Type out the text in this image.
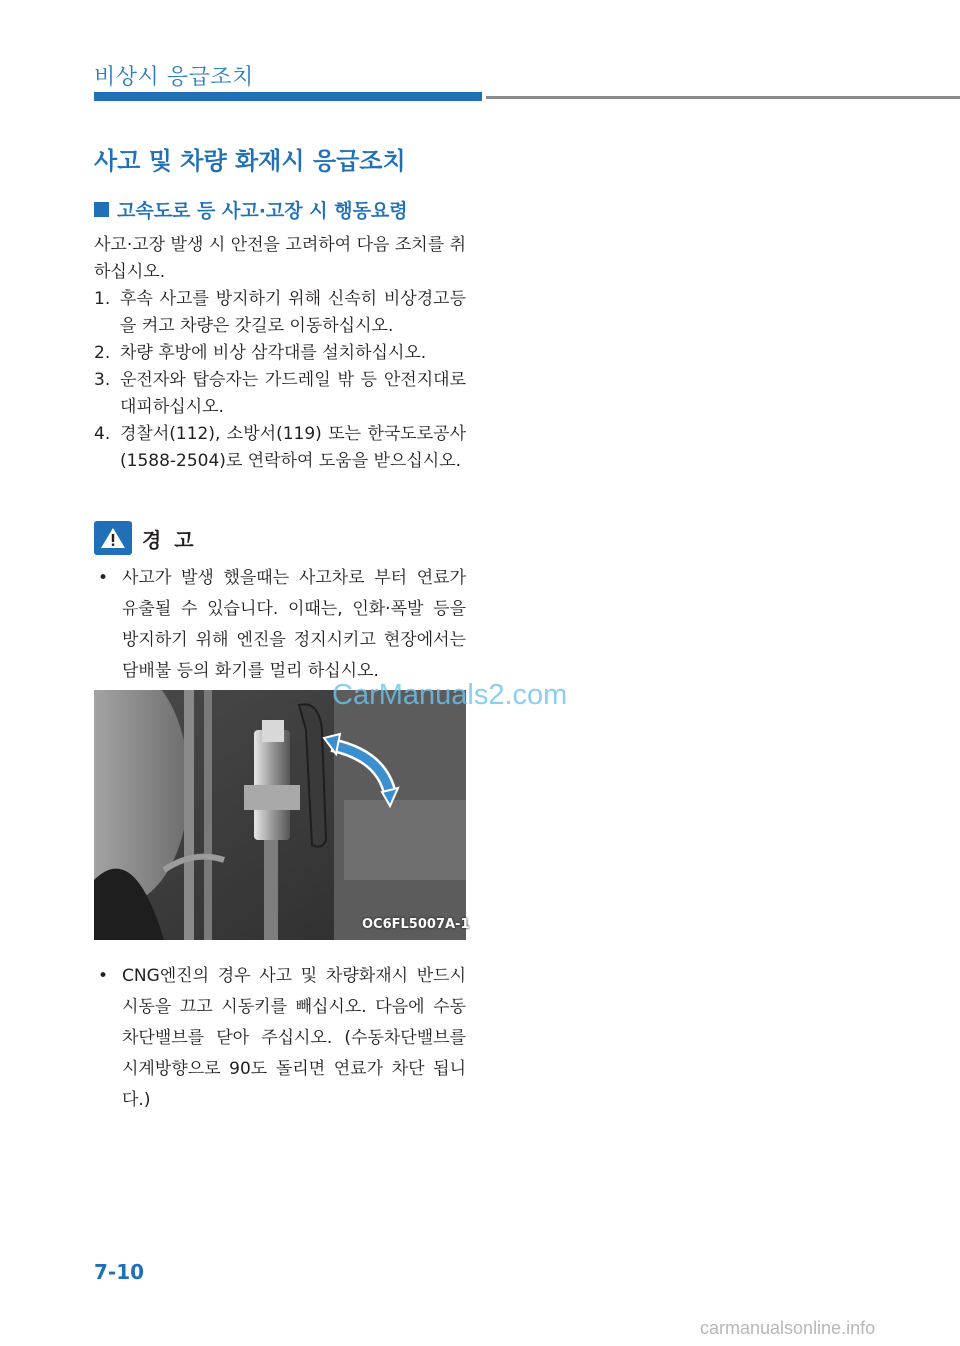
비상시 응급조치
사고 및 차량 화재시 응급조치
고속도로 등 사고·고장 시 행동요령
사고·고장 발생 시 안전을 고려하여 다음 조치를 취하십시오.
1. 후속 사고를 방지하기 위해 신속히 비상경고등을 켜고 차량은 갓길로 이동하십시오.
2. 차량 후방에 비상 삼각대를 설치하십시오.
3. 운전자와 탑승자는 가드레일 밖 등 안전지대로 대피하십시오.
4. 경찰서(112), 소방서(119) 또는 한국도로공사(1588-2504)로 연락하여 도움을 받으십시오.
경 고
• 사고가 발생 했을때는 사고차로 부터 연료가 유출될 수 있습니다. 이때는, 인화·폭발 등을 방지하기 위해 엔진을 정지시키고 현장에서는 담배불 등의 화기를 멀리 하십시오.
OC6FL5007A-1
CarManuals2.com
• CNG엔진의 경우 사고 및 차량화재시 반드시 시동을 끄고 시동키를 빼십시오. 다음에 수동차단밸브를 닫아 주십시오. (수동차단밸브를 시계방향으로 90도 돌리면 연료가 차단 됩니다.)
7-10
carmanualsonline.info
